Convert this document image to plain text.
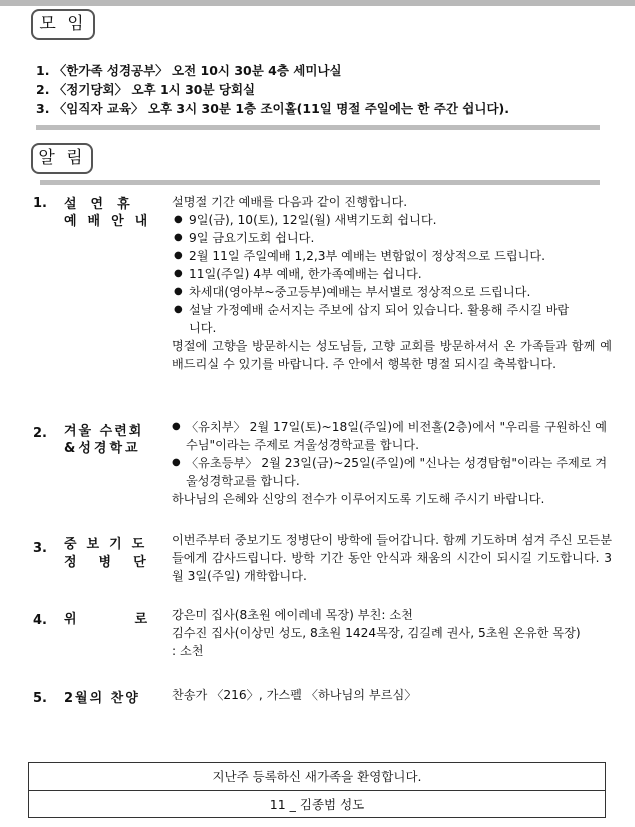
모 임
1. 〈한가족 성경공부〉 오전 10시 30분 4층 세미나실
2. 〈정기당회〉 오후 1시 30분 당회실
3. 〈임직자 교육〉 오후 3시 30분 1층 조이홀(11일 명절 주일에는 한 주간 쉽니다).
알 림
1. 설연휴
예배안내

설명절 기간 예배를 다음과 같이 진행합니다.

● 9일(금), 10(토), 12일(월) 새벽기도회 쉽니다.

● 9일 금요기도회 쉽니다.

● 2월 11일 주일예배 1,2,3부 예배는 변함없이 정상적으로 드립니다.

● 11일(주일) 4부 예배, 한가족예배는 쉽니다.

● 차세대(영아부~중고등부)예배는 부서별로 정상적으로 드립니다.

● 설날 가정예배 순서지는 주보에 삽지 되어 있습니다. 활용해 주시길 바랍니다.

명절에 고향을 방문하시는 성도님들, 고향 교회를 방문하셔서 온 가족들과 함께 예배드리실 수 있기를 바랍니다. 주 안에서 행복한 명절 되시길 축복합니다.

2. 겨울 수련회
&성경학교

● 〈유치부〉 2월 17일(토)~18일(주일)에 비전홀(2층)에서 "우리를 구원하신 예수님"이라는 주제로 겨울성경학교를 합니다.

● 〈유초등부〉 2월 23일(금)~25일(주일)에 "신나는 성경탐험"이라는 주제로 겨울성경학교를 합니다.

하나님의 은혜와 신앙의 전수가 이루어지도록 기도해 주시기 바랍니다.

3. 중보기도
정병단
이번주부터 중보기도 정병단이 방학에 들어갑니다. 함께 기도하며 섬겨 주신 모든분들에게 감사드립니다. 방학 기간 동안 안식과 채움의 시간이 되시길 기도합니다. 3월 3일(주일) 개학합니다.
4. 위로

강은미 집사(8초원 에이레네 목장) 부친: 소천

김수진 집사(이상민 성도, 8초원 1424목장, 김길례 권사, 5초원 온유한 목장)

: 소천

5. 2월의 찬양	찬송가 〈216〉, 가스펠 〈하나님의 부르심〉
지난주 등록하신 새가족을 환영합니다.
11 _ 김종범 성도
